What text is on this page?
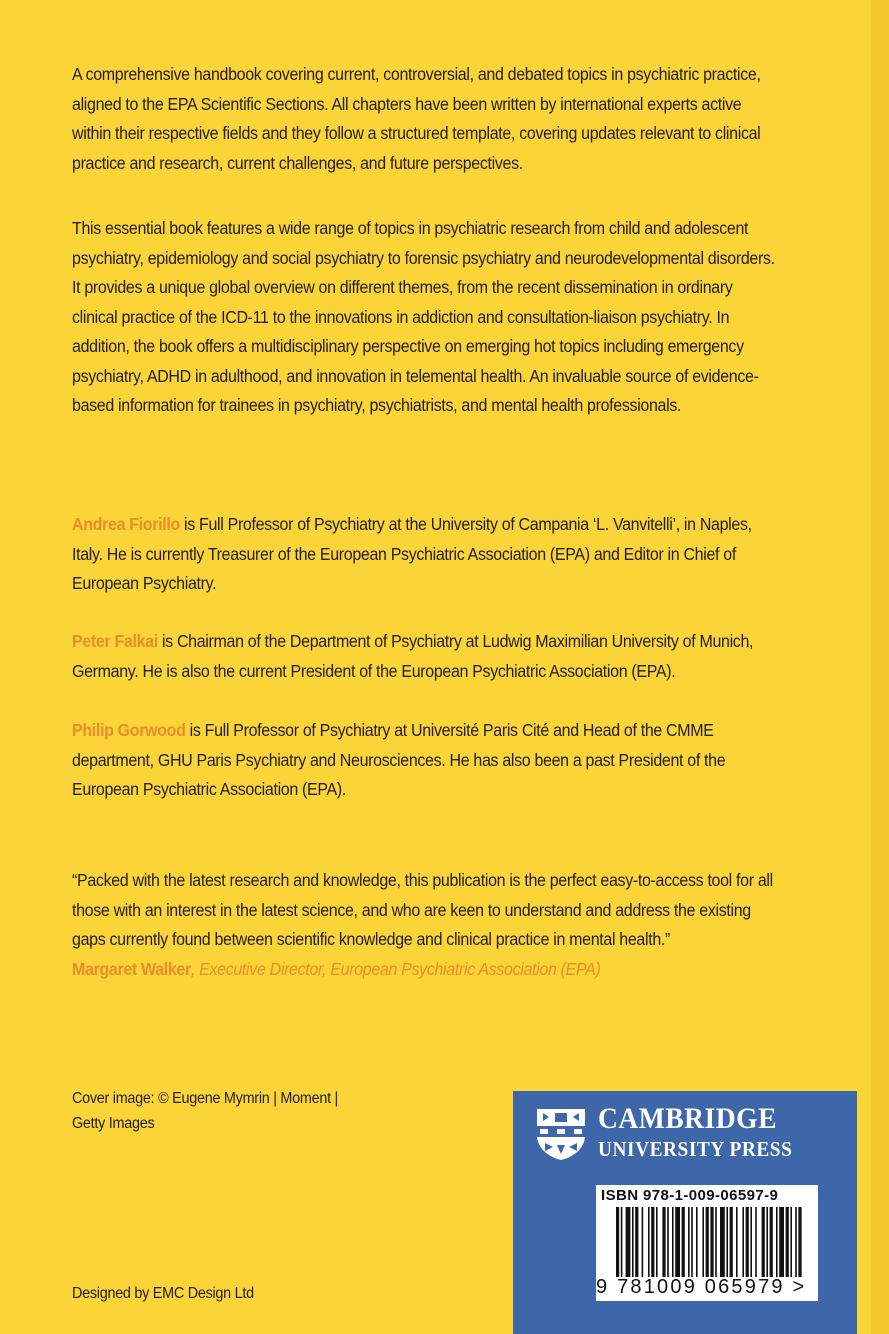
A comprehensive handbook covering current, controversial, and debated topics in psychiatric practice, aligned to the EPA Scientific Sections. All chapters have been written by international experts active within their respective fields and they follow a structured template, covering updates relevant to clinical practice and research, current challenges, and future perspectives.

This essential book features a wide range of topics in psychiatric research from child and adolescent psychiatry, epidemiology and social psychiatry to forensic psychiatry and neurodevelopmental disorders. It provides a unique global overview on different themes, from the recent dissemination in ordinary clinical practice of the ICD-11 to the innovations in addiction and consultation-liaison psychiatry. In addition, the book offers a multidisciplinary perspective on emerging hot topics including emergency psychiatry, ADHD in adulthood, and innovation in telemental health. An invaluable source of evidence-based information for trainees in psychiatry, psychiatrists, and mental health professionals.

Andrea Fiorillo is Full Professor of Psychiatry at the University of Campania ‘L. Vanvitelli’, in Naples, Italy. He is currently Treasurer of the European Psychiatric Association (EPA) and Editor in Chief of European Psychiatry.

Peter Falkai is Chairman of the Department of Psychiatry at Ludwig Maximilian University of Munich, Germany. He is also the current President of the European Psychiatric Association (EPA).

Philip Gorwood is Full Professor of Psychiatry at Université Paris Cité and Head of the CMME department, GHU Paris Psychiatry and Neurosciences. He has also been a past President of the European Psychiatric Association (EPA).

“Packed with the latest research and knowledge, this publication is the perfect easy-to-access tool for all those with an interest in the latest science, and who are keen to understand and address the existing gaps currently found between scientific knowledge and clinical practice in mental health.”

Margaret Walker, Executive Director, European Psychiatric Association (EPA)

Cover image: © Eugene Mymrin | Moment |
Getty Images
Designed by EMC Design Ltd
CAMBRIDGE
UNIVERSITY PRESS
ISBN 978-1-009-06597-9
9 781009 065979 >
